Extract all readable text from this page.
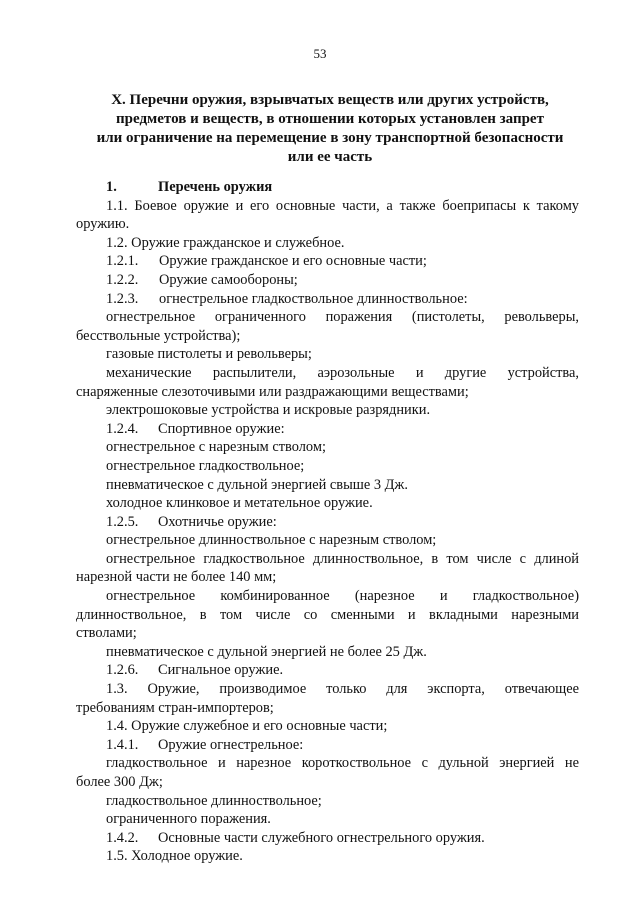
53
X. Перечни оружия, взрывчатых веществ или других устройств,
предметов и веществ, в отношении которых установлен запрет
или ограничение на перемещение в зону транспортной безопасности
или ее часть
1.	Перечень оружия
1.1. Боевое оружие и его основные части, а также боеприпасы к такому
оружию.
1.2. Оружие гражданское и служебное.
1.2.1. Оружие гражданское и его основные части;
1.2.2. Оружие самообороны;
1.2.3. огнестрельное гладкоствольное длинноствольное:
огнестрельное ограниченного поражения (пистолеты, револьверы,
бесствольные устройства);
газовые пистолеты и револьверы;
механические распылители, аэрозольные и другие устройства,
снаряженные слезоточивыми или раздражающими веществами;
электрошоковые устройства и искровые разрядники.
1.2.4. Спортивное оружие:
огнестрельное с нарезным стволом;
огнестрельное гладкоствольное;
пневматическое с дульной энергией свыше 3 Дж.
холодное клинковое и метательное оружие.
1.2.5. Охотничье оружие:
огнестрельное длинноствольное с нарезным стволом;
огнестрельное гладкоствольное длинноствольное, в том числе с длиной
нарезной части не более 140 мм;
огнестрельное комбинированное (нарезное и гладкоствольное)
длинноствольное, в том числе со сменными и вкладными нарезными
стволами;
пневматическое с дульной энергией не более 25 Дж.
1.2.6. Сигнальное оружие.
1.3. Оружие, производимое только для экспорта, отвечающее
требованиям стран-импортеров;
1.4. Оружие служебное и его основные части;
1.4.1. Оружие огнестрельное:
гладкоствольное и нарезное короткоствольное с дульной энергией не
более 300 Дж;
гладкоствольное длинноствольное;
ограниченного поражения.
1.4.2. Основные части служебного огнестрельного оружия.
1.5. Холодное оружие.
